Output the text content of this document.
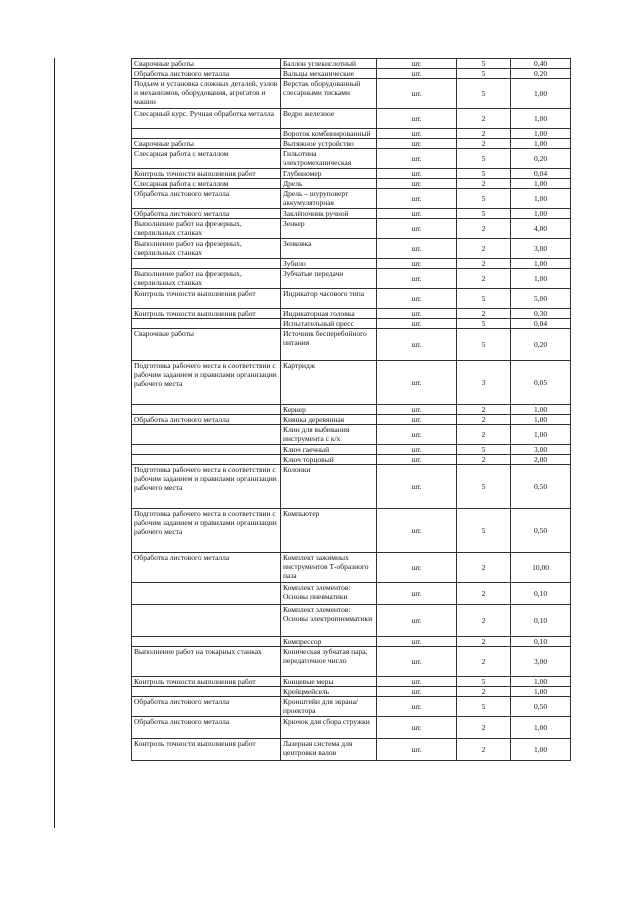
Сварочные работы	Баллон углекислотный	шт.	5	0,40
Обработка листового металла	Вальцы механические	шт.	5	0,20
Подъем и установка сложных деталей, узлов и механизмов, оборудования, агрегатов и машин	Верстак оборудованный слесарными тисками	шт.	5	1,00
Слесарный курс. Ручная обработка металла	Ведро железное	шт.	2	1,00
	Вороток комбинированный	шт.	2	1,00
Сварочные работы	Вытяжное устройство	шт.	2	1,00
Слесарная работа с металлом	Гильотина электромеханическая	шт.	5	0,20
Контроль точности выполнения работ	Глубиномер	шт.	5	0,04
Слесарная работа с металлом	Дрель	шт.	2	1,00
Обработка листового металла	Дрель – шуруповерт аккумуляторная	шт.	5	1,00
Обработка листового металла	Заклёпочник ручной	шт.	5	1,00
Выполнение работ на фрезерных, сверлильных станках	Зенкер	шт.	2	4,00
Выполнение работ на фрезерных, сверлильных станках	Зенковка	шт.	2	3,00
	Зубило	шт.	2	1,00
Выполнение работ на фрезерных, сверлильных станках	Зубчатые передачи	шт.	2	1,00
Контроль точности выполнения работ	Индикатор часового типа	шт.	5	5,00
Контроль точности выполнения работ	Индикаторная головка	шт.	2	0,30
	Испытательный пресс	шт.	5	0,04
Сварочные работы	Источник бесперебойного питания	шт.	5	0,20
Подготовка рабочего места в соответствии с рабочим заданием и правилами организации рабочего места	Картридж	шт.	3	0,05
	Кернер	шт.	2	1,00
Обработка листового металла	Киянка деревянная	шт.	2	1,00
	Клин для выбивания инструмента с к/х	шт.	2	1,00
	Ключ гаечный	шт.	5	3,00
	Ключ торцовый	шт.	2	2,00
Подготовка рабочего места в соответствии с рабочим заданием и правилами организации рабочего места	Колонки	шт.	5	0,50
Подготовка рабочего места в соответствии с рабочим заданием и правилами организации рабочего места	Компьютер	шт.	5	0,50
Обработка листового металла	Комплект зажимных инструментов Т-образного паза	шт.	2	10,00
	Комплект элементов: Основы пневматики	шт.	2	0,10
	Комплект элементов: Основы электропневматики	шт.	2	0,10
	Компрессор	шт.	2	0,10
Выполнение работ на токарных станках	Коническая зубчатая пара, передаточное число	шт.	2	3,00
Контроль точности выполнения работ	Концевые меры	шт.	5	1,00
	Крейцмейсель	шт.	2	1,00
Обработка листового металла	Кронштейн для экрана/ проектора	шт.	5	0,50
Обработка листового металла	Крючок для сбора стружки	шт.	2	1,00
Контроль точности выполнения работ	Лазерная система для центровки валов	шт.	2	1,00
